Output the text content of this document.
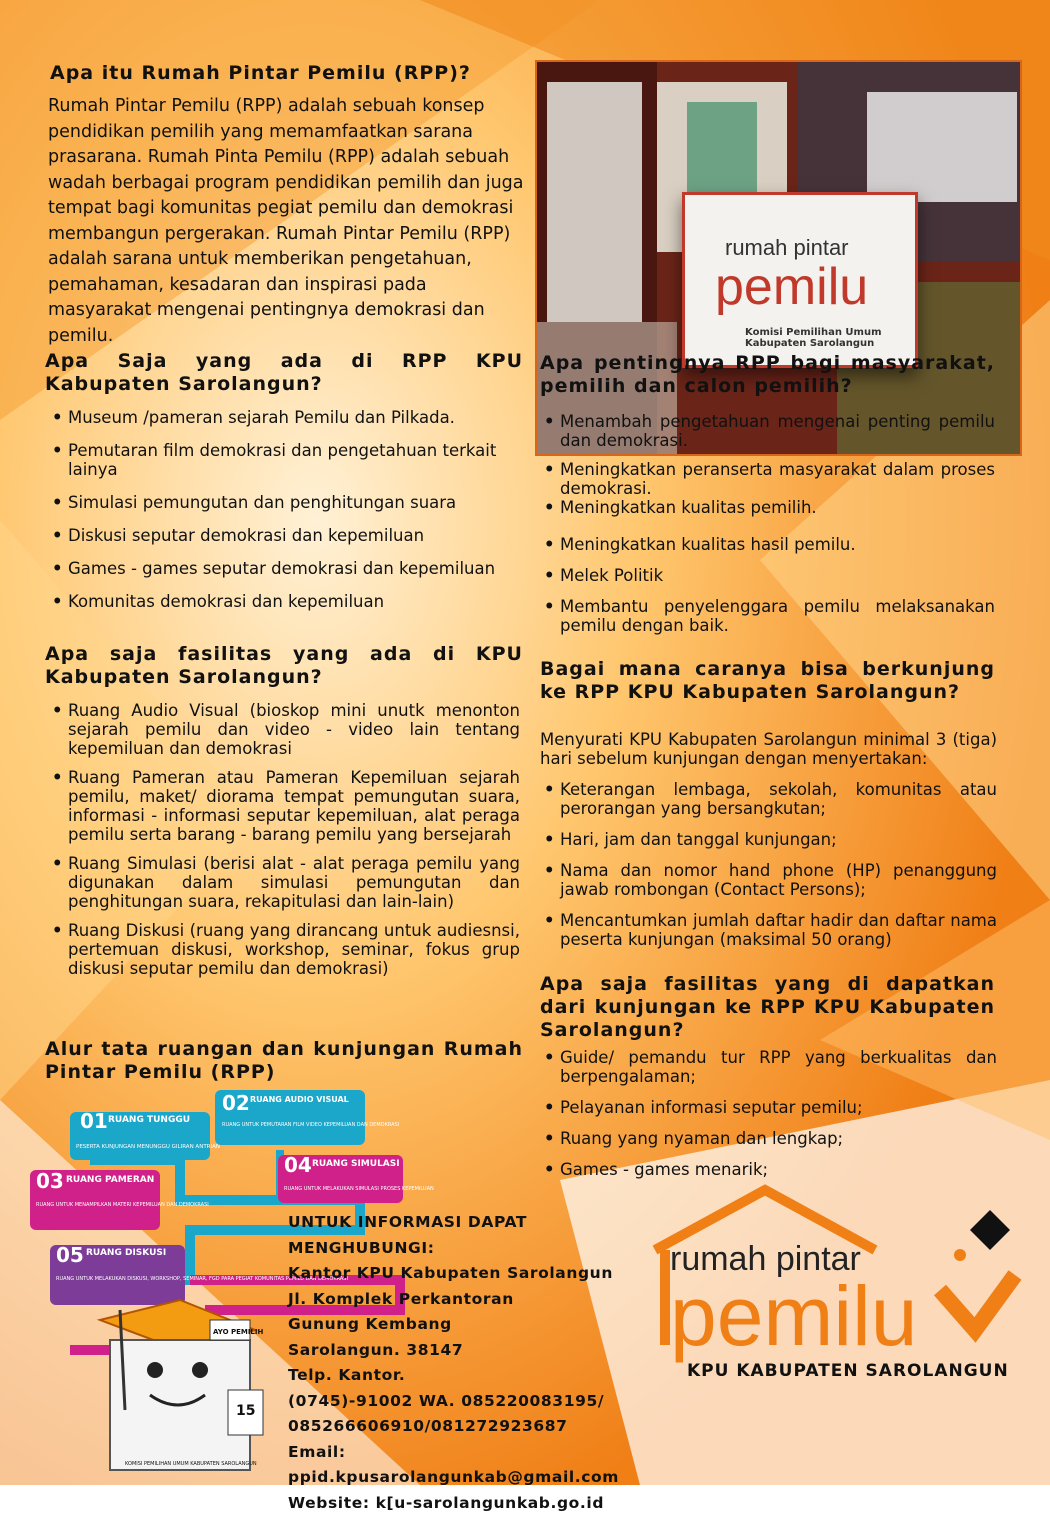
Apa itu Rumah Pintar Pemilu (RPP)?
Rumah Pintar Pemilu (RPP) adalah sebuah konsep pendidikan pemilih yang memamfaatkan sarana prasarana. Rumah Pinta Pemilu (RPP) adalah sebuah wadah berbagai program pendidikan pemilih dan juga tempat bagi komunitas pegiat pemilu dan demokrasi membangun pergerakan. Rumah Pintar Pemilu (RPP) adalah sarana untuk memberikan pengetahuan, pemahaman, kesadaran dan inspirasi pada masyarakat mengenai pentingnya demokrasi dan pemilu.
rumah pintar
pemilu
Komisi Pemilihan Umum Kabupaten Sarolangun
Apa Saja yang ada di RPP KPU Kabupaten Sarolangun?
• Museum /pameran sejarah Pemilu dan Pilkada.
• Pemutaran film demokrasi dan pengetahuan terkait lainya
• Simulasi pemungutan dan penghitungan suara
• Diskusi seputar demokrasi dan kepemiluan
• Games - games seputar demokrasi dan kepemiluan
• Komunitas demokrasi dan kepemiluan
Apa pentingnya RPP bagi masyarakat, pemilih dan calon pemilih?
• Menambah pengetahuan mengenai penting pemilu dan demokrasi.
• Meningkatkan peranserta masyarakat dalam proses demokrasi.
• Meningkatkan kualitas pemilih.
• Meningkatkan kualitas hasil pemilu.
• Melek Politik
• Membantu penyelenggara pemilu melaksanakan pemilu dengan baik.
Apa saja fasilitas yang ada di KPU Kabupaten Sarolangun?
• Ruang Audio Visual (bioskop mini unutk menonton sejarah pemilu dan video - video lain tentang kepemiluan dan demokrasi
• Ruang Pameran atau Pameran Kepemiluan sejarah pemilu, maket/ diorama tempat pemungutan suara, informasi - informasi seputar kepemiluan, alat peraga pemilu serta barang - barang pemilu yang bersejarah
• Ruang Simulasi (berisi alat - alat peraga pemilu yang digunakan dalam simulasi pemungutan dan penghitungan suara, rekapitulasi dan lain-lain)
• Ruang Diskusi (ruang yang dirancang untuk audiesnsi, pertemuan diskusi, workshop, seminar, fokus grup diskusi seputar pemilu dan demokrasi)
Bagai mana caranya bisa berkunjung ke RPP KPU Kabupaten Sarolangun?
Menyurati KPU Kabupaten Sarolangun minimal 3 (tiga) hari sebelum kunjungan dengan menyertakan:
• Keterangan lembaga, sekolah, komunitas atau perorangan yang bersangkutan;
• Hari, jam dan tanggal kunjungan;
• Nama dan nomor hand phone (HP) penanggung jawab rombongan (Contact Persons);
• Mencantumkan jumlah daftar hadir dan daftar nama peserta kunjungan (maksimal 50 orang)
Apa saja fasilitas yang di dapatkan dari kunjungan ke RPP KPU Kabupaten Sarolangun?
• Guide/ pemandu tur RPP yang berkualitas dan berpengalaman;
• Pelayanan informasi seputar pemilu;
• Ruang yang nyaman dan lengkap;
• Games - games menarik;
Alur tata ruangan dan kunjungan Rumah Pintar Pemilu (RPP)
01 RUANG TUNGGU
PESERTA KUNJUNGAN MENUNGGU GILIRAN ANTRIAN
02 RUANG AUDIO VISUAL
RUANG UNTUK PEMUTARAN FILM VIDEO KEPEMILUAN DAN DEMOKRASI
03 RUANG PAMERAN
RUANG UNTUK MENAMPILKAN MATERI KEPEMILUAN DAN DEMOKRASI
04 RUANG SIMULASI
RUANG UNTUK MELAKUKAN SIMULASI PROSES KEPEMILUAN
05 RUANG DISKUSI
RUANG UNTUK MELAKUKAN DISKUSI, WORKSHOP, SEMINAR, FGD PARA PEGIAT KOMUNITAS PEMILU DAN DEMOKRASI
AYO PEMILIH
15
KOMISI PEMILIHAN UMUM KABUPATEN SAROLANGUN
UNTUK INFORMASI DAPAT MENGHUBUNGI:
Kantor KPU Kabupaten Sarolangun
Jl. Komplek Perkantoran
Gunung Kembang
Sarolangun. 38147
Telp. Kantor.
(0745)-91002 WA. 085220083195/
085266606910/081272923687
Email: ppid.kpusarolangunkab@gmail.com
Website: k[u-sarolangunkab.go.id
rumah pintar
pemilu
KPU KABUPATEN SAROLANGUN
